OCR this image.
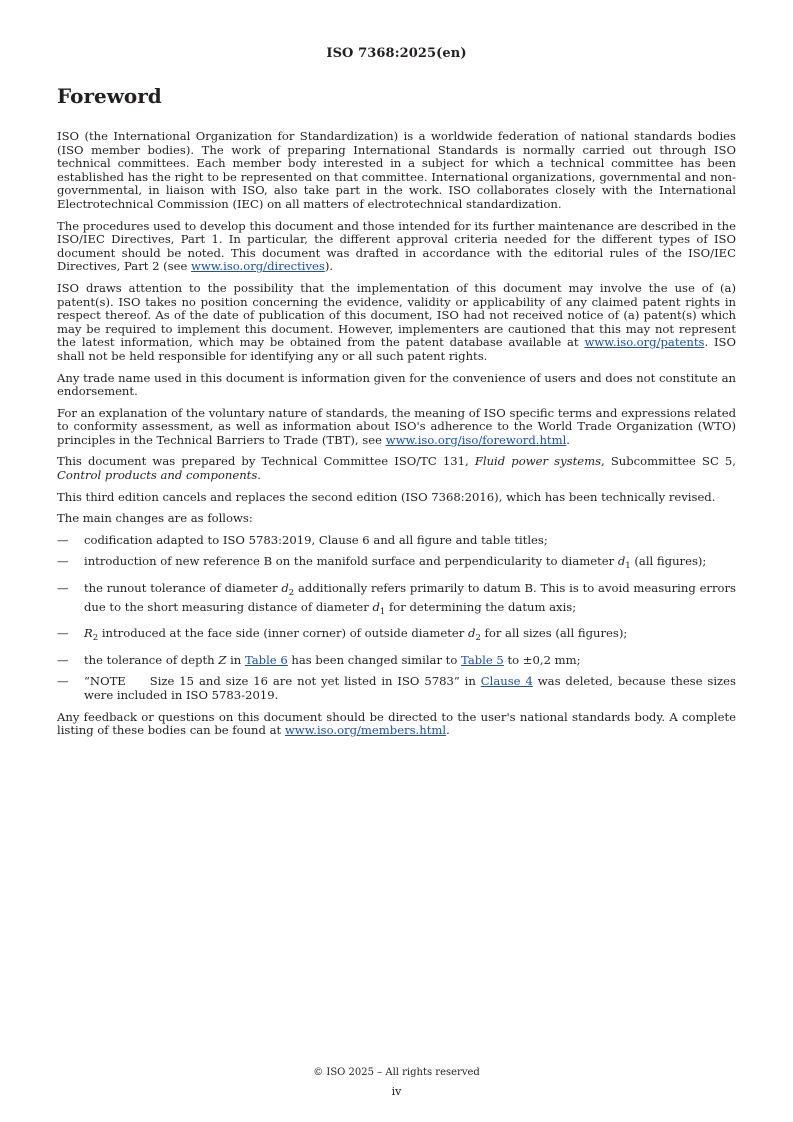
ISO 7368:2025(en)
Foreword

ISO (the International Organization for Standardization) is a worldwide federation of national standards bodies (ISO member bodies). The work of preparing International Standards is normally carried out through ISO technical committees. Each member body interested in a subject for which a technical committee has been established has the right to be represented on that committee. International organizations, governmental and non-governmental, in liaison with ISO, also take part in the work. ISO collaborates closely with the International Electrotechnical Commission (IEC) on all matters of electrotechnical standardization.

The procedures used to develop this document and those intended for its further maintenance are described in the ISO/IEC Directives, Part 1. In particular, the different approval criteria needed for the different types of ISO document should be noted. This document was drafted in accordance with the editorial rules of the ISO/IEC Directives, Part 2 (see www.iso.org/directives).

ISO draws attention to the possibility that the implementation of this document may involve the use of (a) patent(s). ISO takes no position concerning the evidence, validity or applicability of any claimed patent rights in respect thereof. As of the date of publication of this document, ISO had not received notice of (a) patent(s) which may be required to implement this document. However, implementers are cautioned that this may not represent the latest information, which may be obtained from the patent database available at www.iso.org/patents. ISO shall not be held responsible for identifying any or all such patent rights.

Any trade name used in this document is information given for the convenience of users and does not constitute an endorsement.

For an explanation of the voluntary nature of standards, the meaning of ISO specific terms and expressions related to conformity assessment, as well as information about ISO's adherence to the World Trade Organization (WTO) principles in the Technical Barriers to Trade (TBT), see www.iso.org/iso/foreword.html.

This document was prepared by Technical Committee ISO/TC 131, Fluid power systems, Subcommittee SC 5, Control products and components.

This third edition cancels and replaces the second edition (ISO 7368:2016), which has been technically revised.

The main changes are as follows:

— codification adapted to ISO 5783:2019, Clause 6 and all figure and table titles;
— introduction of new reference B on the manifold surface and perpendicularity to diameter $d_1$ (all figures);
— the runout tolerance of diameter $d_2$ additionally refers primarily to datum B. This is to avoid measuring errors due to the short measuring distance of diameter $d_1$ for determining the datum axis;
— $R_2$ introduced at the face side (inner corner) of outside diameter $d_2$ for all sizes (all figures);
— the tolerance of depth Z in Table 6 has been changed similar to Table 5 to ±0,2 mm;
— “NOTE Size 15 and size 16 are not yet listed in ISO 5783” in Clause 4 was deleted, because these sizes were included in ISO 5783-2019.

Any feedback or questions on this document should be directed to the user's national standards body. A complete listing of these bodies can be found at www.iso.org/members.html.

© ISO 2025 – All rights reserved
iv
